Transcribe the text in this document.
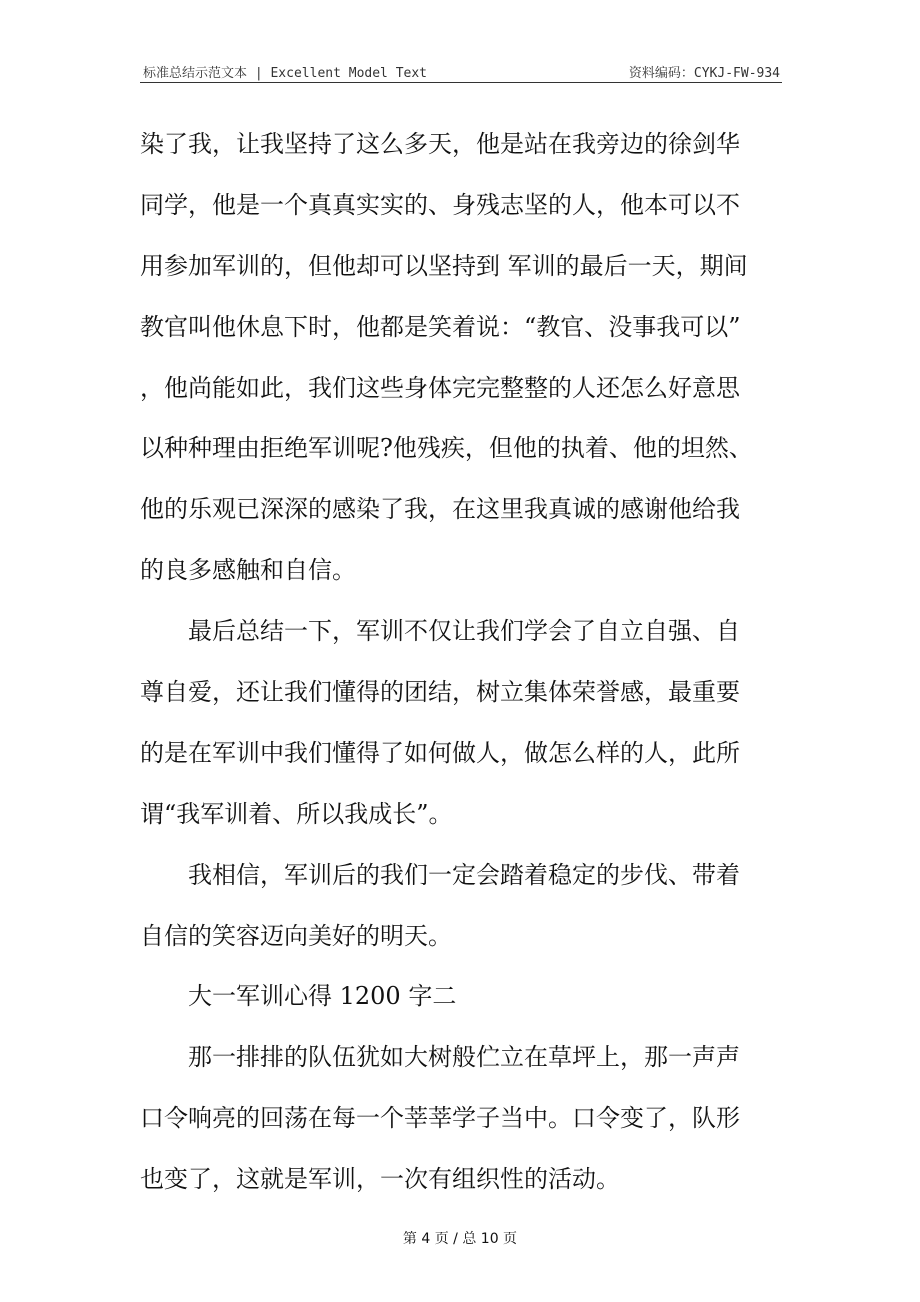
标准总结示范文本 | Excellent Model Text	资料编码：CYKJ-FW-934
染了我，让我坚持了这么多天，他是站在我旁边的徐剑华
同学，他是一个真真实实的、身残志坚的人，他本可以不
用参加军训的，但他却可以坚持到 军训的最后一天，期间
教官叫他休息下时，他都是笑着说：“教官、没事我可以”
，他尚能如此，我们这些身体完完整整的人还怎么好意思
以种种理由拒绝军训呢?他残疾，但他的执着、他的坦然、
他的乐观已深深的感染了我，在这里我真诚的感谢他给我
的良多感触和自信。
最后总结一下，军训不仅让我们学会了自立自强、自
尊自爱，还让我们懂得的团结，树立集体荣誉感，最重要
的是在军训中我们懂得了如何做人，做怎么样的人，此所
谓“我军训着、所以我成长”。
我相信，军训后的我们一定会踏着稳定的步伐、带着
自信的笑容迈向美好的明天。
大一军训心得 1200 字二
那一排排的队伍犹如大树般伫立在草坪上，那一声声
口令响亮的回荡在每一个莘莘学子当中。口令变了，队形
也变了，这就是军训，一次有组织性的活动。
第 4 页 / 总 10 页
